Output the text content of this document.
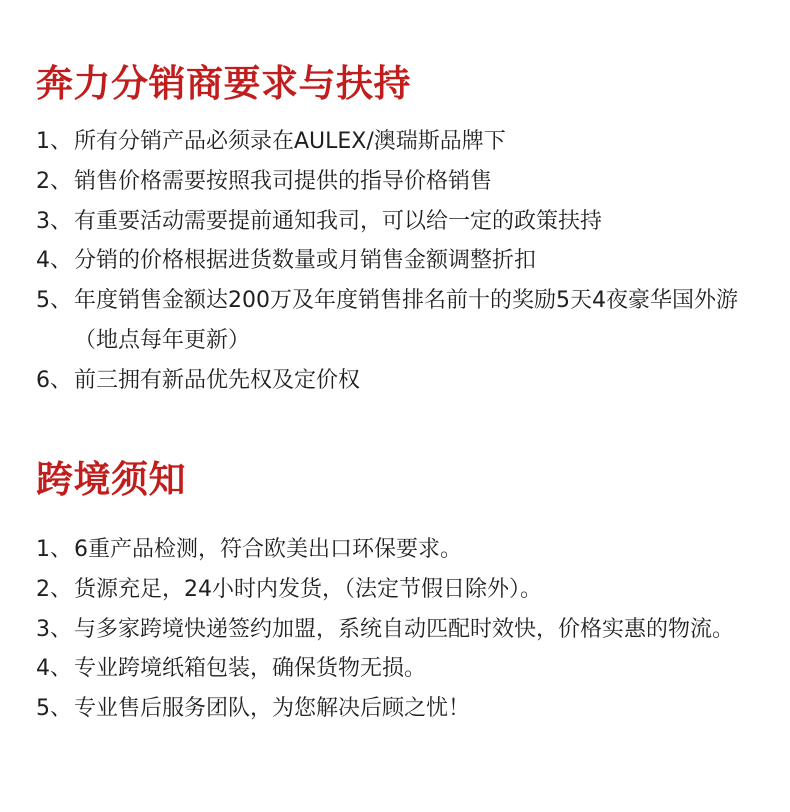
奔力分销商要求与扶持
1、 所有分销产品必须录在AULEX/澳瑞斯品牌下
2、 销售价格需要按照我司提供的指导价格销售
3、 有重要活动需要提前通知我司，可以给一定的政策扶持
4、 分销的价格根据进货数量或月销售金额调整折扣
5、 年度销售金额达200万及年度销售排名前十的奖励5天4夜豪华国外游（地点每年更新）
6、 前三拥有新品优先权及定价权
跨境须知
1、 6重产品检测，符合欧美出口环保要求。
2、 货源充足，24小时内发货，（法定节假日除外）。
3、 与多家跨境快递签约加盟，系统自动匹配时效快，价格实惠的物流。
4、 专业跨境纸箱包装，确保货物无损。
5、 专业售后服务团队，为您解决后顾之忧！
